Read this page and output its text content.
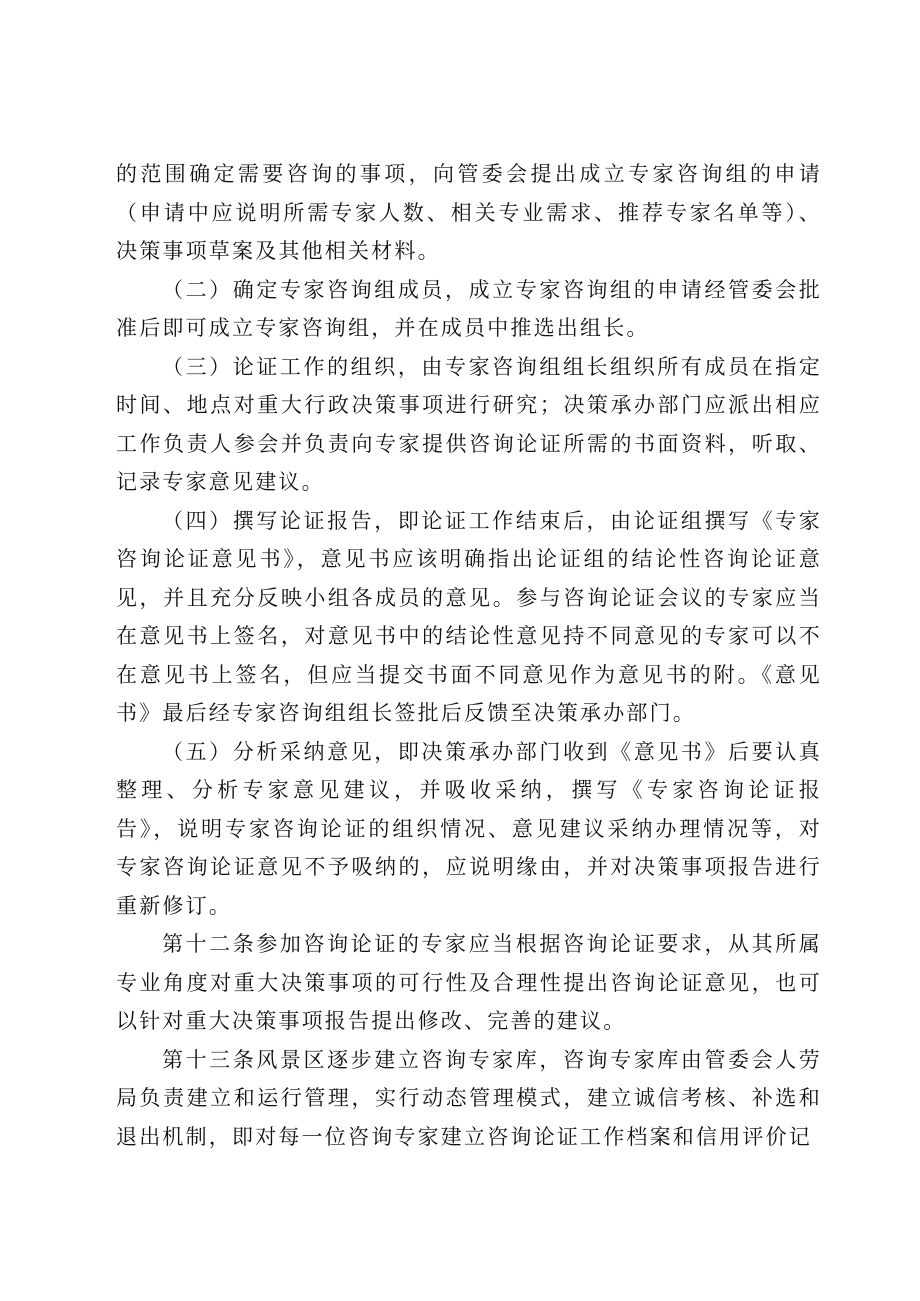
的范围确定需要咨询的事项，向管委会提出成立专家咨询组的申请（申请中应说明所需专家人数、相关专业需求、推荐专家名单等）、决策事项草案及其他相关材料。

（二）确定专家咨询组成员，成立专家咨询组的申请经管委会批准后即可成立专家咨询组，并在成员中推选出组长。

（三）论证工作的组织，由专家咨询组组长组织所有成员在指定时间、地点对重大行政决策事项进行研究；决策承办部门应派出相应工作负责人参会并负责向专家提供咨询论证所需的书面资料，听取、记录专家意见建议。

（四）撰写论证报告，即论证工作结束后，由论证组撰写《专家咨询论证意见书》，意见书应该明确指出论证组的结论性咨询论证意见，并且充分反映小组各成员的意见。参与咨询论证会议的专家应当在意见书上签名，对意见书中的结论性意见持不同意见的专家可以不在意见书上签名，但应当提交书面不同意见作为意见书的附。《意见书》最后经专家咨询组组长签批后反馈至决策承办部门。

（五）分析采纳意见，即决策承办部门收到《意见书》后要认真整理、分析专家意见建议，并吸收采纳，撰写《专家咨询论证报告》，说明专家咨询论证的组织情况、意见建议采纳办理情况等，对专家咨询论证意见不予吸纳的，应说明缘由，并对决策事项报告进行重新修订。

第十二条参加咨询论证的专家应当根据咨询论证要求，从其所属专业角度对重大决策事项的可行性及合理性提出咨询论证意见，也可以针对重大决策事项报告提出修改、完善的建议。

第十三条风景区逐步建立咨询专家库，咨询专家库由管委会人劳局负责建立和运行管理，实行动态管理模式，建立诚信考核、补选和退出机制，即对每一位咨询专家建立咨询论证工作档案和信用评价记
